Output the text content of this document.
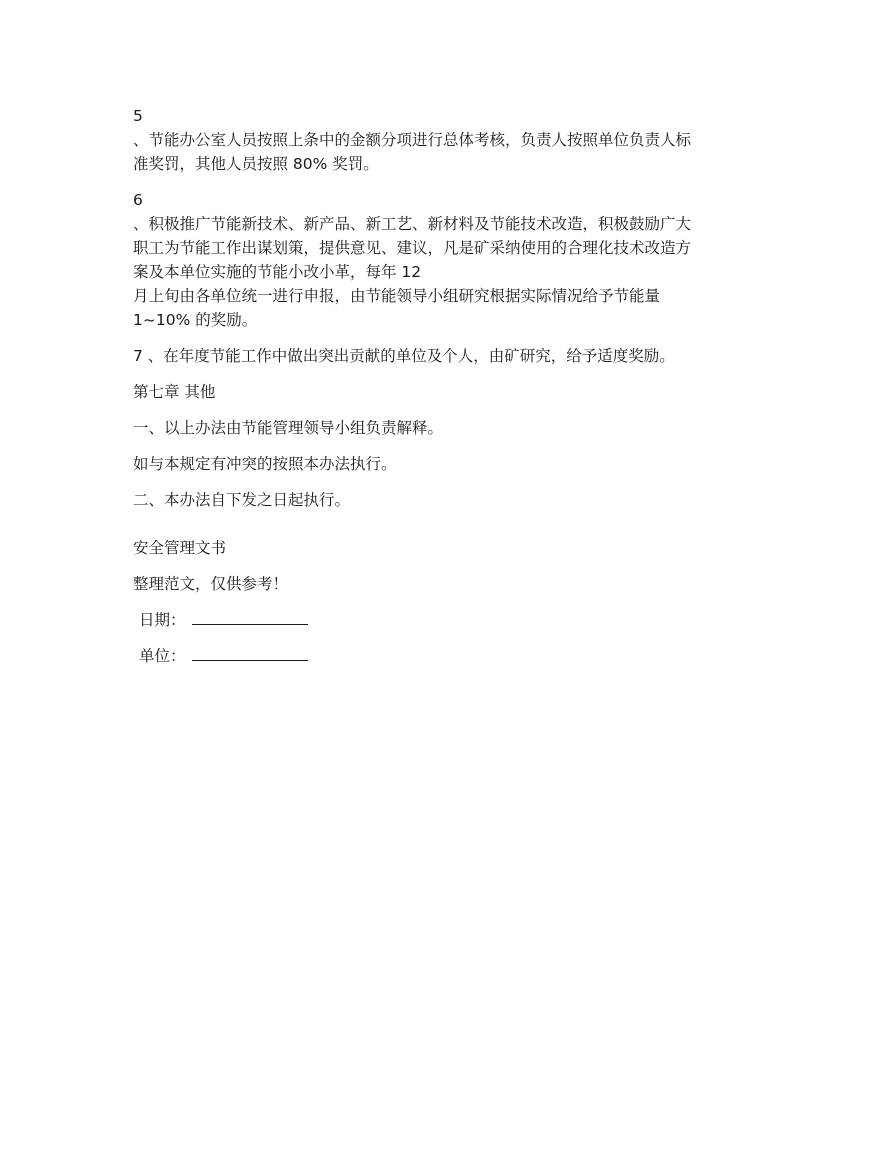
5
、节能办公室人员按照上条中的金额分项进行总体考核，负责人按照单位负责人标
准奖罚，其他人员按照 80% 奖罚。
6
、积极推广节能新技术、新产品、新工艺、新材料及节能技术改造，积极鼓励广大
职工为节能工作出谋划策，提供意见、建议，凡是矿采纳使用的合理化技术改造方
案及本单位实施的节能小改小革，每年 12
月上旬由各单位统一进行申报，由节能领导小组研究根据实际情况给予节能量
1~10% 的奖励。
7 、在年度节能工作中做出突出贡献的单位及个人，由矿研究，给予适度奖励。
第七章 其他
一、以上办法由节能管理领导小组负责解释。
如与本规定有冲突的按照本办法执行。
二、本办法自下发之日起执行。
安全管理文书
整理范文，仅供参考！
日期：
单位：
